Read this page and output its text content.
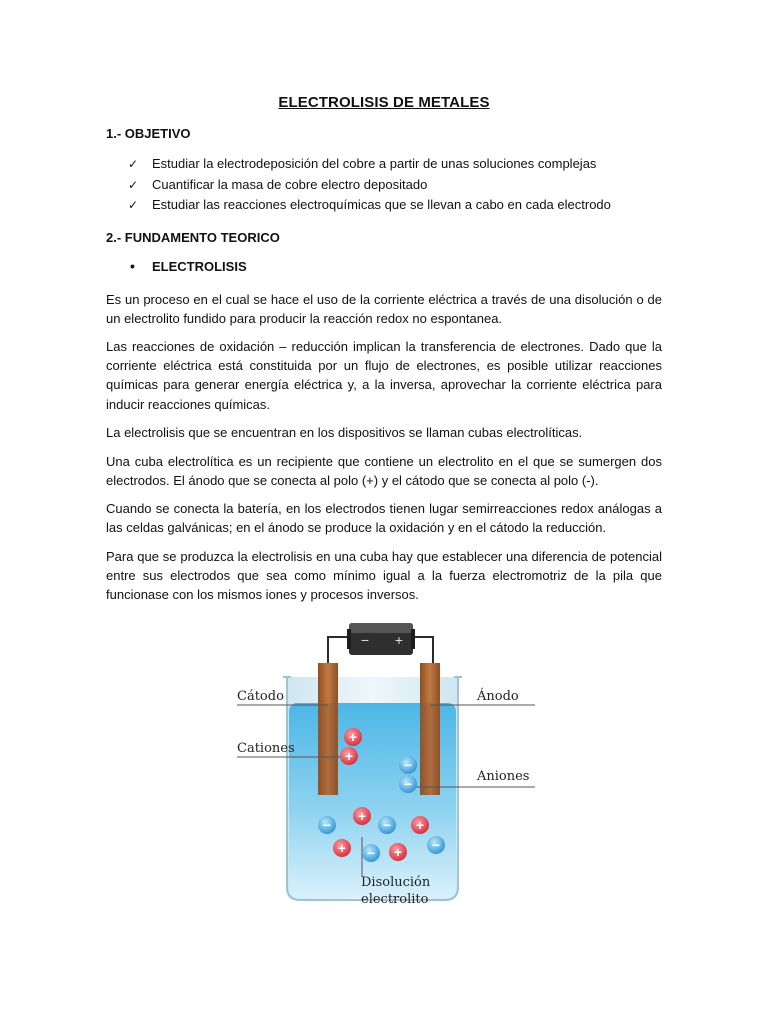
ELECTROLISIS DE METALES
1.- OBJETIVO
✓ Estudiar la electrodeposición del cobre a partir de unas soluciones complejas
✓ Cuantificar la masa de cobre electro depositado
✓ Estudiar las reacciones electroquímicas que se llevan a cabo en cada electrodo
2.- FUNDAMENTO TEORICO
• ELECTROLISIS

Es un proceso en el cual se hace el uso de la corriente eléctrica a través de una disolución o de un electrolito fundido para producir la reacción redox no espontanea.

Las reacciones de oxidación – reducción implican la transferencia de electrones. Dado que la corriente eléctrica está constituida por un flujo de electrones, es posible utilizar reacciones químicas para generar energía eléctrica y, a la inversa, aprovechar la corriente eléctrica para inducir reacciones químicas.

La electrolisis que se encuentran en los dispositivos se llaman cubas electrolíticas.

Una cuba electrolítica es un recipiente que contiene un electrolito en el que se sumergen dos electrodos. El ánodo que se conecta al polo (+) y el cátodo que se conecta al polo (-).

Cuando se conecta la batería, en los electrodos tienen lugar semirreacciones redox análogas a las celdas galvánicas; en el ánodo se produce la oxidación y en el cátodo la reducción.

Para que se produzca la electrolisis en una cuba hay que establecer una diferencia de potencial entre sus electrodos que sea como mínimo igual a la fuerza electromotriz de la pila que funcionase con los mismos iones y procesos inversos.

− +
Cátodo	Ánodo
Cationes
Aniones
Disolución
electrolito
+
+
+
+
+	+
−
−
−	−
−	−
